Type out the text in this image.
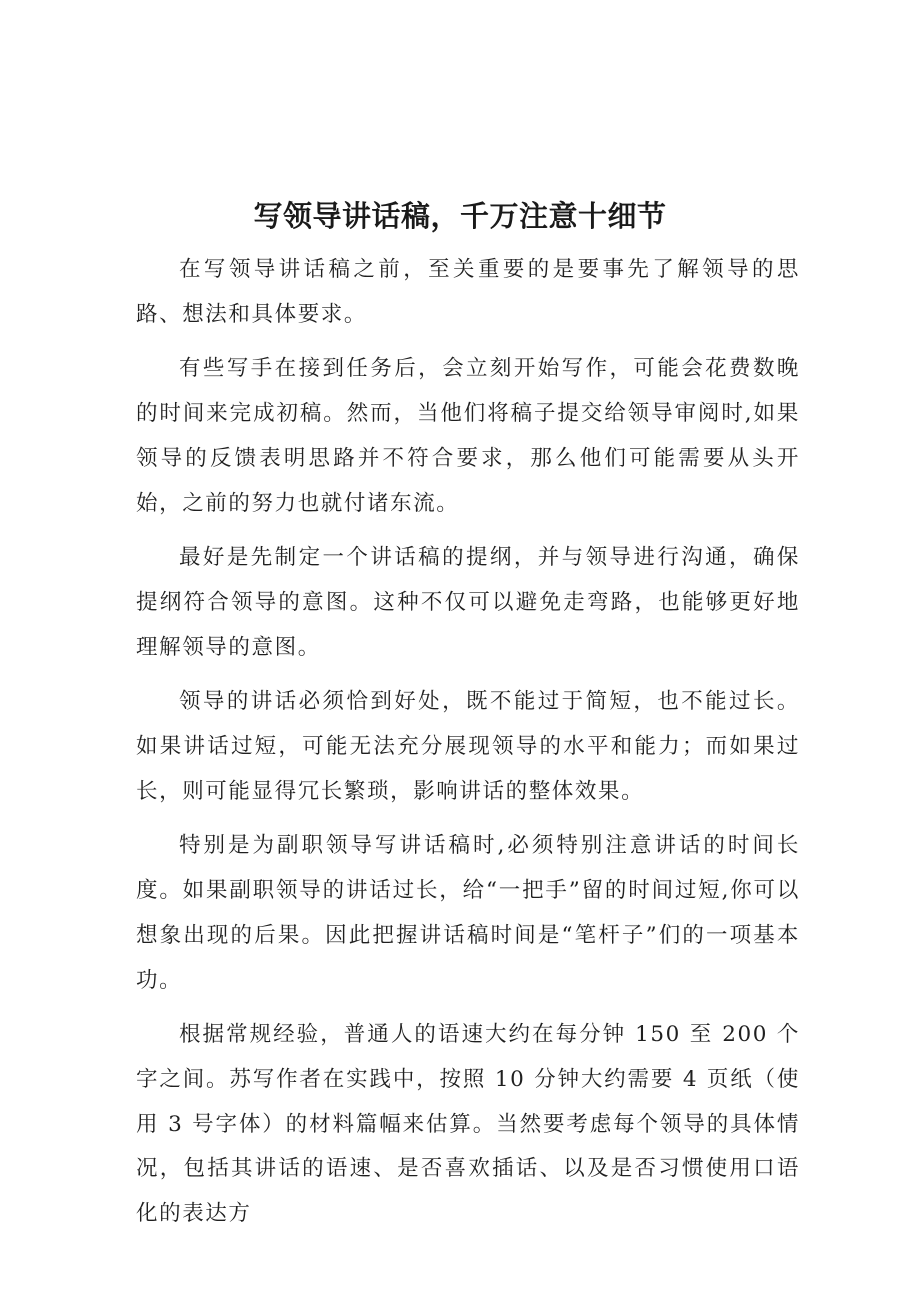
写领导讲话稿，千万注意十细节

在写领导讲话稿之前，至关重要的是要事先了解领导的思路、想法和具体要求。

有些写手在接到任务后，会立刻开始写作，可能会花费数晚的时间来完成初稿。然而，当他们将稿子提交给领导审阅时,如果领导的反馈表明思路并不符合要求，那么他们可能需要从头开始，之前的努力也就付诸东流。

最好是先制定一个讲话稿的提纲，并与领导进行沟通，确保提纲符合领导的意图。这种不仅可以避免走弯路，也能够更好地理解领导的意图。

领导的讲话必须恰到好处，既不能过于简短，也不能过长。如果讲话过短，可能无法充分展现领导的水平和能力；而如果过长，则可能显得冗长繁琐，影响讲话的整体效果。

特别是为副职领导写讲话稿时,必须特别注意讲话的时间长度。如果副职领导的讲话过长，给“一把手”留的时间过短,你可以想象出现的后果。因此把握讲话稿时间是“笔杆子”们的一项基本功。

根据常规经验，普通人的语速大约在每分钟 150 至 200 个字之间。苏写作者在实践中，按照 10 分钟大约需要 4 页纸（使用 3 号字体）的材料篇幅来估算。当然要考虑每个领导的具体情况，包括其讲话的语速、是否喜欢插话、以及是否习惯使用口语化的表达方
